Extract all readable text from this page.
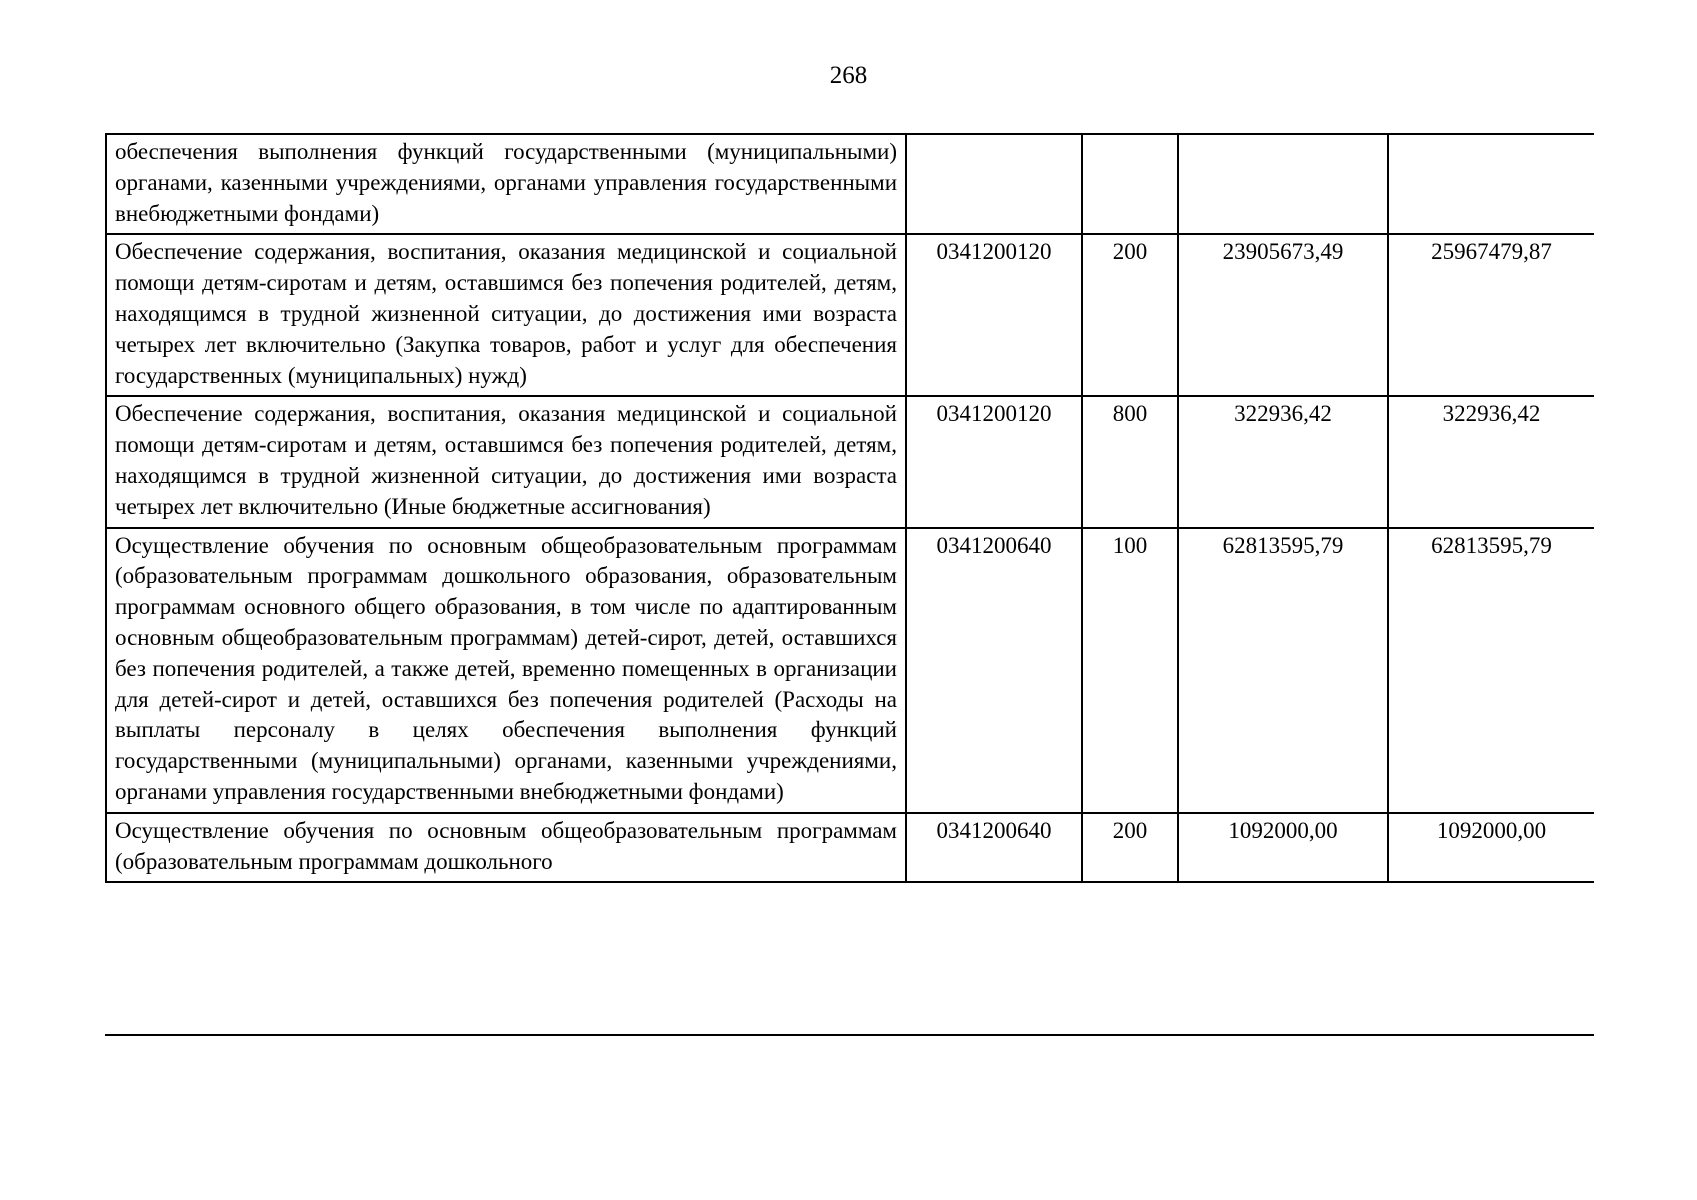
268
обеспечения выполнения функций государственными (муниципальными) органами, казенными учреждениями, органами управления государственными внебюджетными фондами)				
Обеспечение содержания, воспитания, оказания медицинской и социальной помощи детям-сиротам и детям, оставшимся без попечения родителей, детям, находящимся в трудной жизненной ситуации, до достижения ими возраста четырех лет включительно (Закупка товаров, работ и услуг для обеспечения государственных (муниципальных) нужд)	0341200120	200	23905673,49	25967479,87
Обеспечение содержания, воспитания, оказания медицинской и социальной помощи детям-сиротам и детям, оставшимся без попечения родителей, детям, находящимся в трудной жизненной ситуации, до достижения ими возраста четырех лет включительно (Иные бюджетные ассигнования)	0341200120	800	322936,42	322936,42
Осуществление обучения по основным общеобразовательным программам (образовательным программам дошкольного образования, образовательным программам основного общего образования, в том числе по адаптированным основным общеобразовательным программам) детей-сирот, детей, оставшихся без попечения родителей, а также детей, временно помещенных в организации для детей-сирот и детей, оставшихся без попечения родителей (Расходы на выплаты персоналу в целях обеспечения выполнения функций государственными (муниципальными) органами, казенными учреждениями, органами управления государственными внебюджетными фондами)	0341200640	100	62813595,79	62813595,79
Осуществление обучения по основным общеобразовательным программам (образовательным программам дошкольного	0341200640	200	1092000,00	1092000,00
